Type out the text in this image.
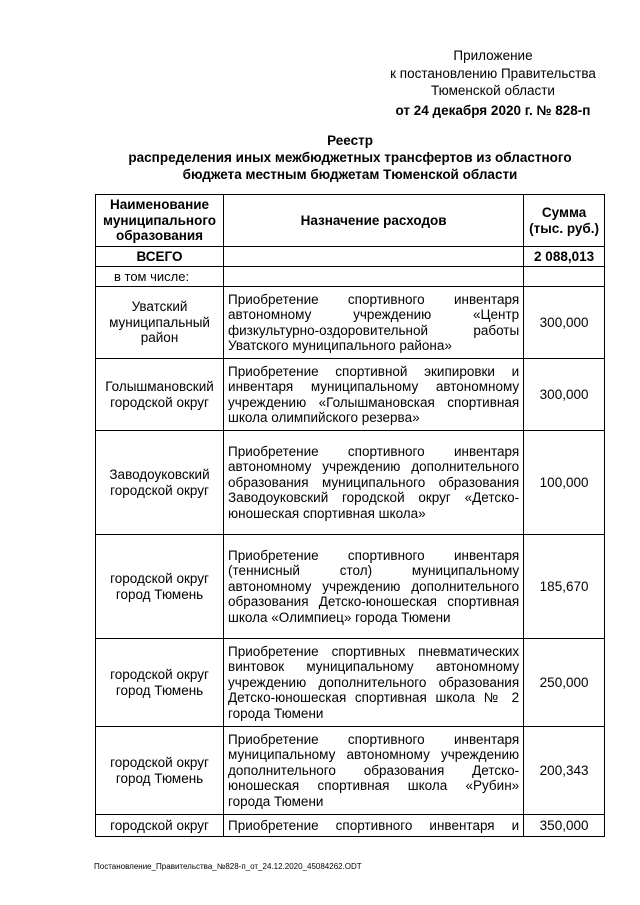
Приложение
к постановлению Правительства
Тюменской области
от 24 декабря 2020 г. № 828-п
Реестр
распределения иных межбюджетных трансфертов из областного
бюджета местным бюджетам Тюменской области
Наименование муниципального образования	Назначение расходов	Сумма (тыс. руб.)
ВСЕГО		2 088,013
в том числе:		
Уватский муниципальный район	Приобретение спортивного инвентаря автономному учреждению «Центр физкультурно-оздоровительной работы Уватского муниципального района»	300,000
Голышмановский городской округ	Приобретение спортивной экипировки и инвентаря муниципальному автономному учреждению «Голышмановская спортивная школа олимпийского резерва»	300,000
Заводоуковский городской округ	Приобретение спортивного инвентаря автономному учреждению дополнительного образования муниципального образования Заводоуковский городской округ «Детско-юношеская спортивная школа»	100,000
городской округ город Тюмень	Приобретение спортивного инвентаря (теннисный стол) муниципальному автономному учреждению дополнительного образования Детско-юношеская спортивная школа «Олимпиец» города Тюмени	185,670
городской округ город Тюмень	Приобретение спортивных пневматических винтовок муниципальному автономному учреждению дополнительного образования Детско-юношеская спортивная школа № 2 города Тюмени	250,000
городской округ город Тюмень	Приобретение спортивного инвентаря муниципальному автономному учреждению дополнительного образования Детско-юношеская спортивная школа «Рубин» города Тюмени	200,343
городской округ	Приобретение спортивного инвентаря и	350,000
Постановление_Правительства_№828-п_от_24.12.2020_45084262.ODT
